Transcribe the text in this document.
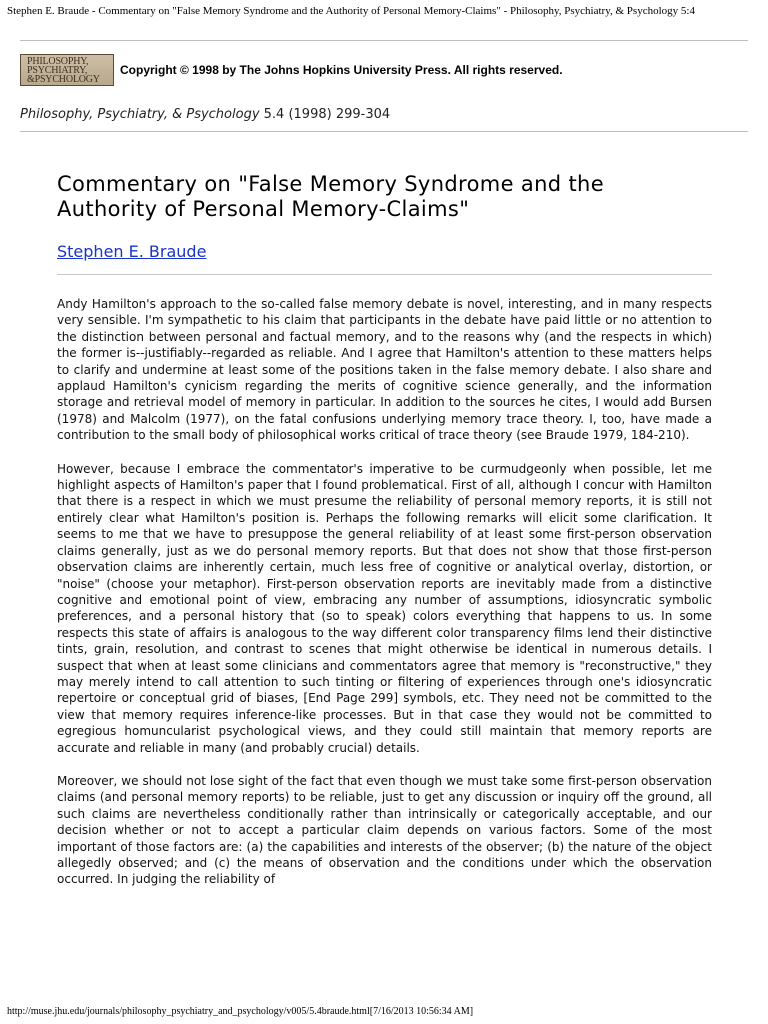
Stephen E. Braude - Commentary on "False Memory Syndrome and the Authority of Personal Memory-Claims" - Philosophy, Psychiatry, & Psychology 5:4
PHILOSOPHY,
PSYCHIATRY,
&PSYCHOLOGY
Copyright © 1998 by The Johns Hopkins University Press. All rights reserved.
Philosophy, Psychiatry, & Psychology 5.4 (1998) 299-304
Commentary on "False Memory Syndrome and the
Authority of Personal Memory-Claims"
Stephen E. Braude

Andy Hamilton's approach to the so-called false memory debate is novel, interesting, and in many respects very sensible. I'm sympathetic to his claim that participants in the debate have paid little or no attention to the distinction between personal and factual memory, and to the reasons why (and the respects in which) the former is--justifiably--regarded as reliable. And I agree that Hamilton's attention to these matters helps to clarify and undermine at least some of the positions taken in the false memory debate. I also share and applaud Hamilton's cynicism regarding the merits of cognitive science generally, and the information storage and retrieval model of memory in particular. In addition to the sources he cites, I would add Bursen (1978) and Malcolm (1977), on the fatal confusions underlying memory trace theory. I, too, have made a contribution to the small body of philosophical works critical of trace theory (see Braude 1979, 184-210).

However, because I embrace the commentator's imperative to be curmudgeonly when possible, let me highlight aspects of Hamilton's paper that I found problematical. First of all, although I concur with Hamilton that there is a respect in which we must presume the reliability of personal memory reports, it is still not entirely clear what Hamilton's position is. Perhaps the following remarks will elicit some clarification. It seems to me that we have to presuppose the general reliability of at least some first-person observation claims generally, just as we do personal memory reports. But that does not show that those first-person observation claims are inherently certain, much less free of cognitive or analytical overlay, distortion, or "noise" (choose your metaphor). First-person observation reports are inevitably made from a distinctive cognitive and emotional point of view, embracing any number of assumptions, idiosyncratic symbolic preferences, and a personal history that (so to speak) colors everything that happens to us. In some respects this state of affairs is analogous to the way different color transparency films lend their distinctive tints, grain, resolution, and contrast to scenes that might otherwise be identical in numerous details. I suspect that when at least some clinicians and commentators agree that memory is "reconstructive," they may merely intend to call attention to such tinting or filtering of experiences through one's idiosyncratic repertoire or conceptual grid of biases, [End Page 299] symbols, etc. They need not be committed to the view that memory requires inference-like processes. But in that case they would not be committed to egregious homuncularist psychological views, and they could still maintain that memory reports are accurate and reliable in many (and probably crucial) details.

Moreover, we should not lose sight of the fact that even though we must take some first-person observation claims (and personal memory reports) to be reliable, just to get any discussion or inquiry off the ground, all such claims are nevertheless conditionally rather than intrinsically or categorically acceptable, and our decision whether or not to accept a particular claim depends on various factors. Some of the most important of those factors are: (a) the capabilities and interests of the observer; (b) the nature of the object allegedly observed; and (c) the means of observation and the conditions under which the observation occurred. In judging the reliability of

http://muse.jhu.edu/journals/philosophy_psychiatry_and_psychology/v005/5.4braude.html[7/16/2013 10:56:34 AM]
